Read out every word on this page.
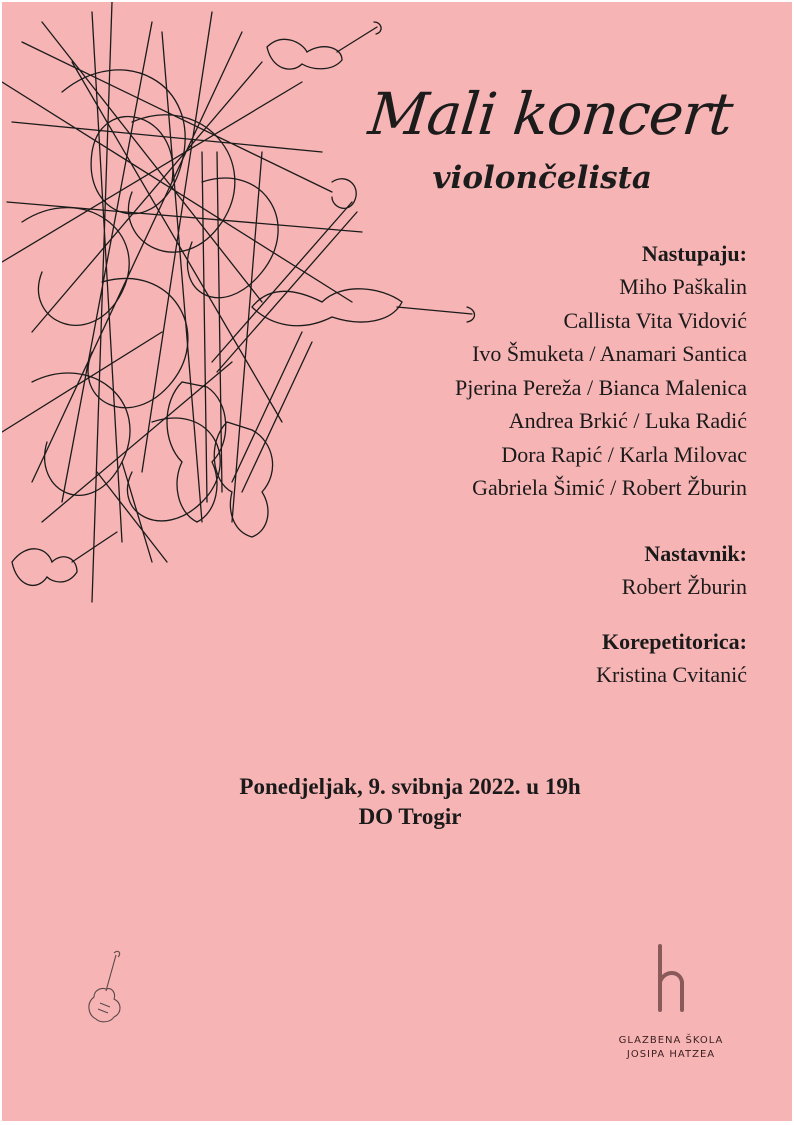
Mali koncert
violončelista
Nastupaju:
Miho Paškalin
Callista Vita Vidović
Ivo Šmuketa / Anamari Santica
Pjerina Pereža / Bianca Malenica
Andrea Brkić / Luka Radić
Dora Rapić / Karla Milovac
Gabriela Šimić / Robert Žburin
Nastavnik:
Robert Žburin
Korepetitorica:
Kristina Cvitanić
Ponedjeljak, 9. svibnja 2022. u 19h
DO Trogir
GLAZBENA ŠKOLA
JOSIPA HATZEA
